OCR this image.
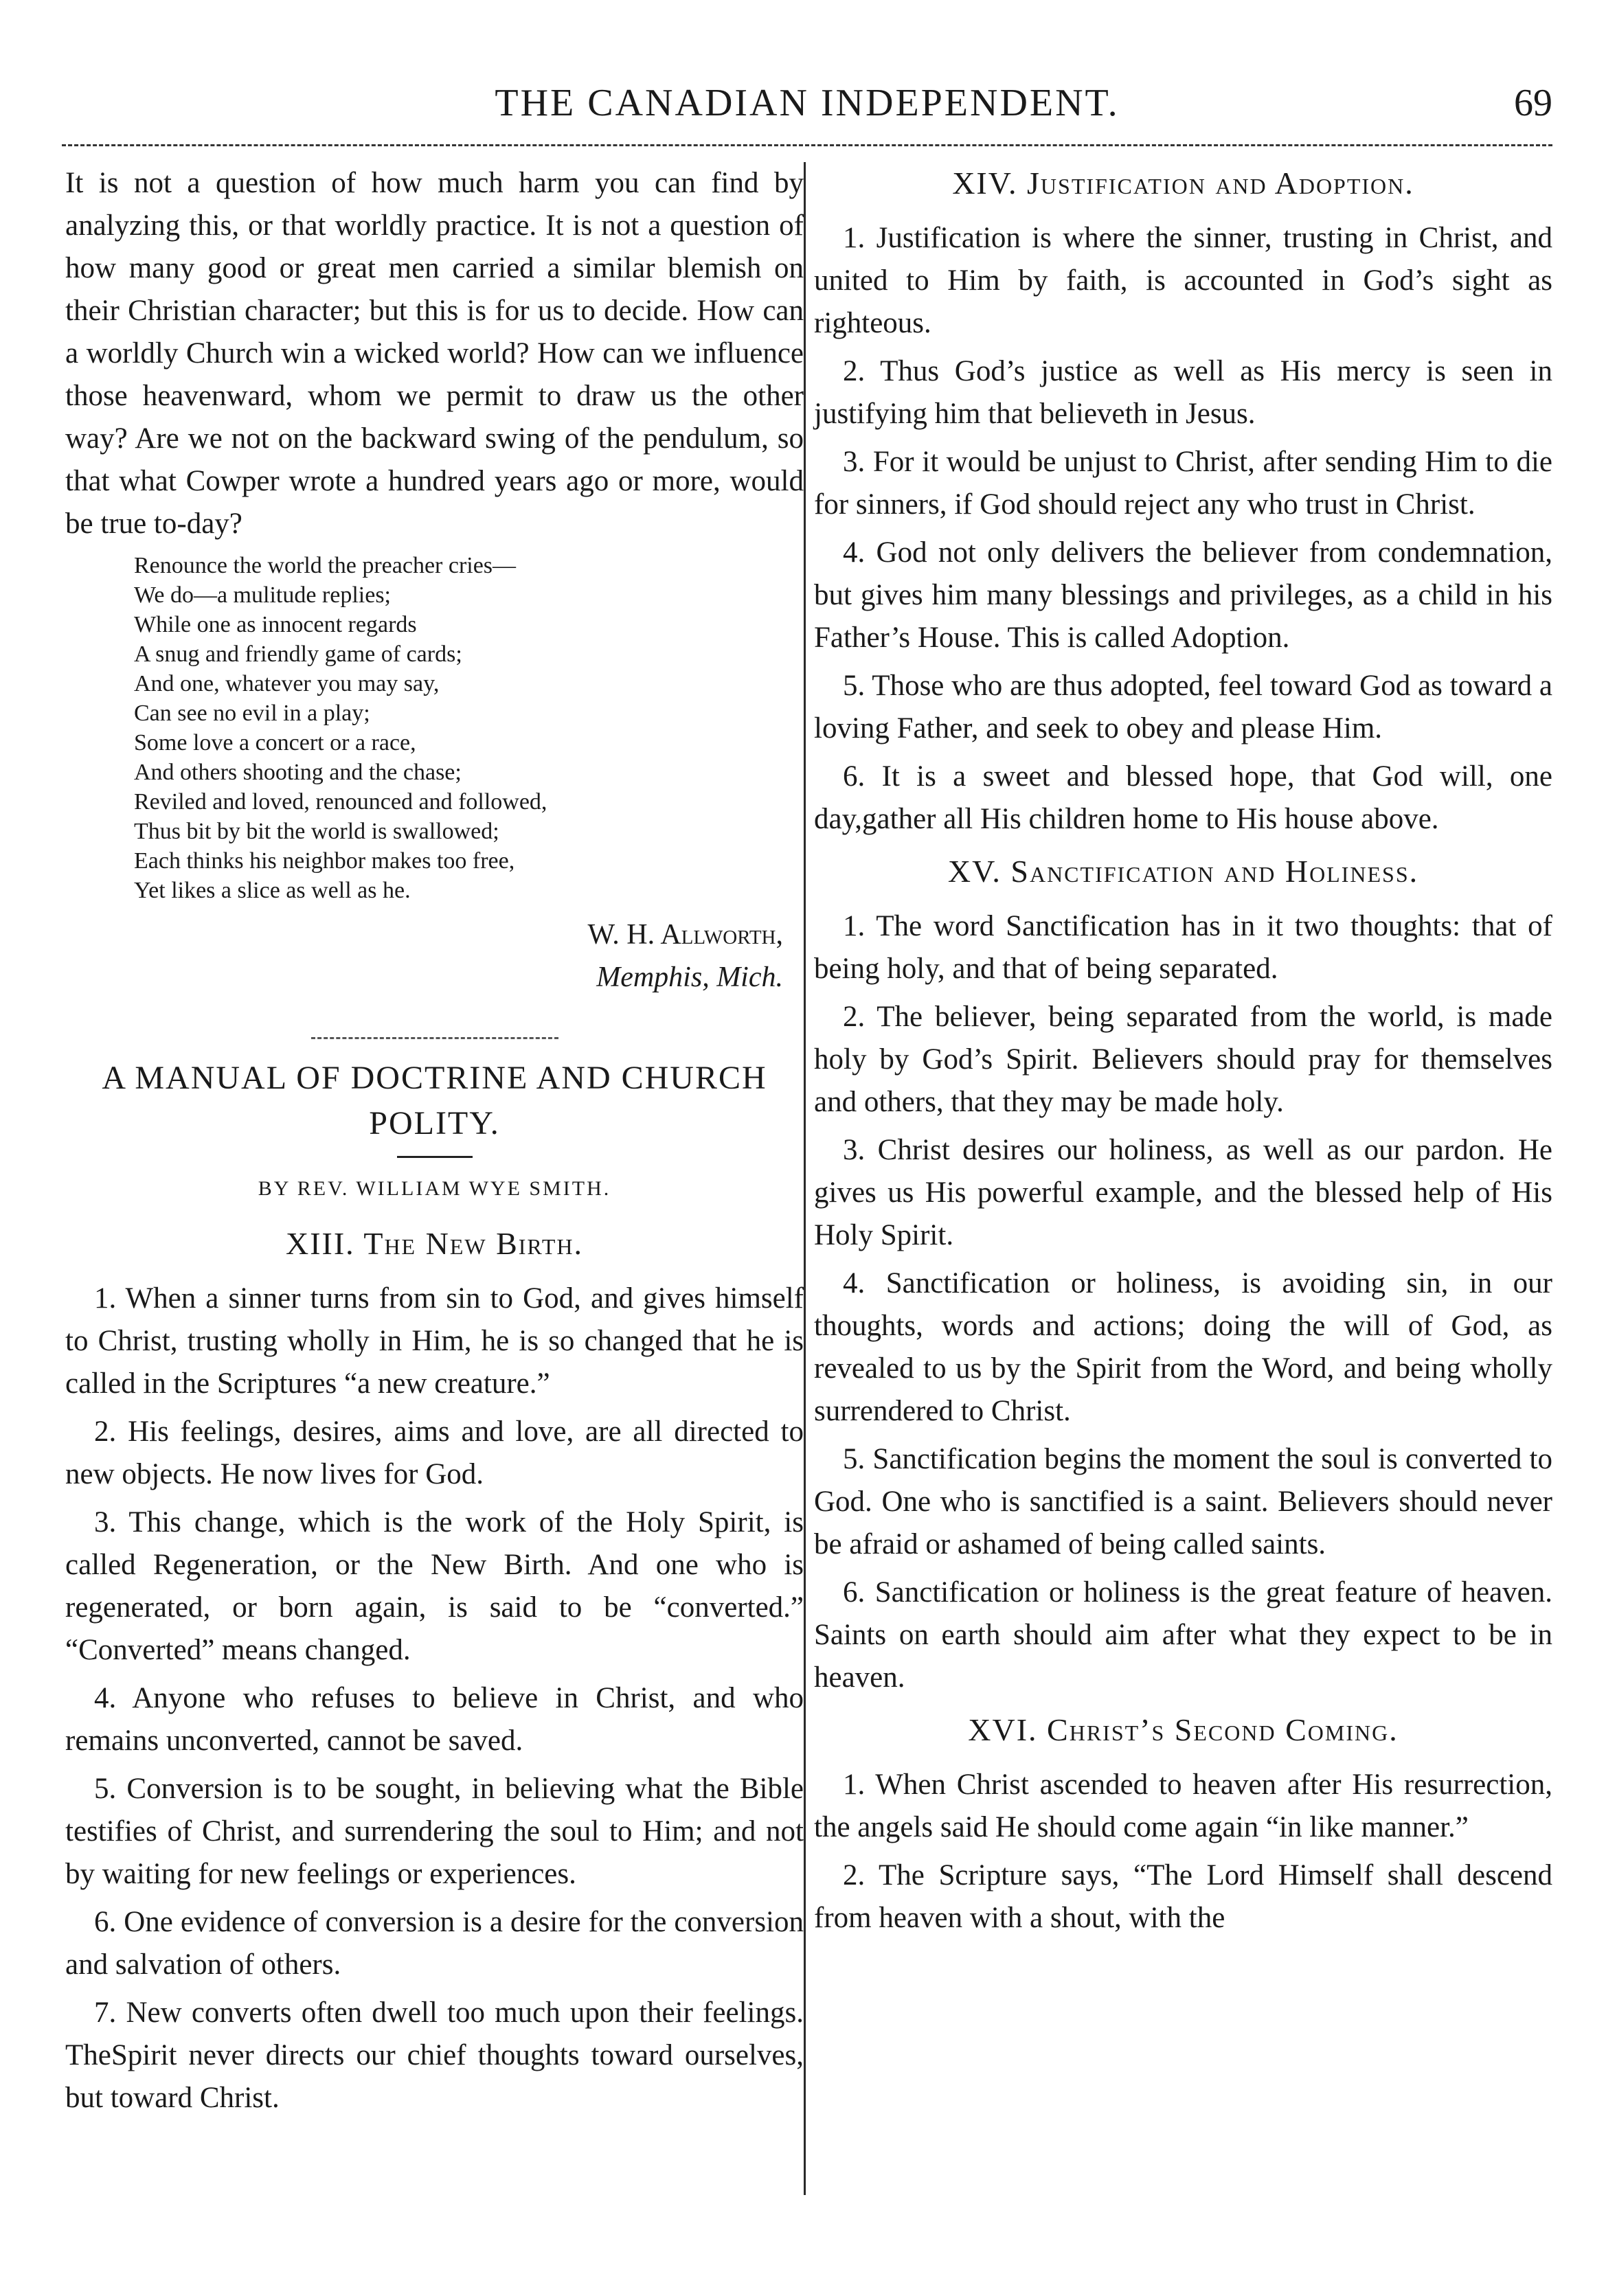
THE CANADIAN INDEPENDENT.	69

It is not a question of how much harm you can find by analyzing this, or that worldly practice. It is not a question of how many good or great men carried a similar blemish on their Christian character; but this is for us to decide. How can a worldly Church win a wicked world? How can we influence those heavenward, whom we permit to draw us the other way? Are we not on the backward swing of the pendulum, so that what Cowper wrote a hundred years ago or more, would be true to-day?

Renounce the world the preacher cries—
We do—a mulitude replies;
While one as innocent regards
A snug and friendly game of cards;
And one, whatever you may say,
Can see no evil in a play;
Some love a concert or a race,
And others shooting and the chase;
Reviled and loved, renounced and followed,
Thus bit by bit the world is swallowed;
Each thinks his neighbor makes too free,
Yet likes a slice as well as he.
W. H. Allworth,
Memphis, Mich.
A MANUAL OF DOCTRINE AND CHURCH POLITY.
BY REV. WILLIAM WYE SMITH.
XIII. The New Birth.

1. When a sinner turns from sin to God, and gives himself to Christ, trusting wholly in Him, he is so changed that he is called in the Scriptures “a new creature.”

2. His feelings, desires, aims and love, are all directed to new objects. He now lives for God.

3. This change, which is the work of the Holy Spirit, is called Regeneration, or the New Birth. And one who is regenerated, or born again, is said to be “converted.” “Converted” means changed.

4. Anyone who refuses to believe in Christ, and who remains unconverted, cannot be saved.

5. Conversion is to be sought, in believing what the Bible testifies of Christ, and surrendering the soul to Him; and not by waiting for new feelings or experiences.

6. One evidence of conversion is a desire for the conversion and salvation of others.

7. New converts often dwell too much upon their feelings. TheSpirit never directs our chief thoughts toward ourselves, but toward Christ.

XIV. Justification and Adoption.

1. Justification is where the sinner, trusting in Christ, and united to Him by faith, is accounted in God’s sight as righteous.

2. Thus God’s justice as well as His mercy is seen in justifying him that believeth in Jesus.

3. For it would be unjust to Christ, after sending Him to die for sinners, if God should reject any who trust in Christ.

4. God not only delivers the believer from condemnation, but gives him many blessings and privileges, as a child in his Father’s House. This is called Adoption.

5. Those who are thus adopted, feel toward God as toward a loving Father, and seek to obey and please Him.

6. It is a sweet and blessed hope, that God will, one day,gather all His children home to His house above.

XV. Sanctification and Holiness.

1. The word Sanctification has in it two thoughts: that of being holy, and that of being separated.

2. The believer, being separated from the world, is made holy by God’s Spirit. Believers should pray for themselves and others, that they may be made holy.

3. Christ desires our holiness, as well as our pardon. He gives us His powerful example, and the blessed help of His Holy Spirit.

4. Sanctification or holiness, is avoiding sin, in our thoughts, words and actions; doing the will of God, as revealed to us by the Spirit from the Word, and being wholly surrendered to Christ.

5. Sanctification begins the moment the soul is converted to God. One who is sanctified is a saint. Believers should never be afraid or ashamed of being called saints.

6. Sanctification or holiness is the great feature of heaven. Saints on earth should aim after what they expect to be in heaven.

XVI. Christ’s Second Coming.

1. When Christ ascended to heaven after His resurrection, the angels said He should come again “in like manner.”

2. The Scripture says, “The Lord Himself shall descend from heaven with a shout, with the
